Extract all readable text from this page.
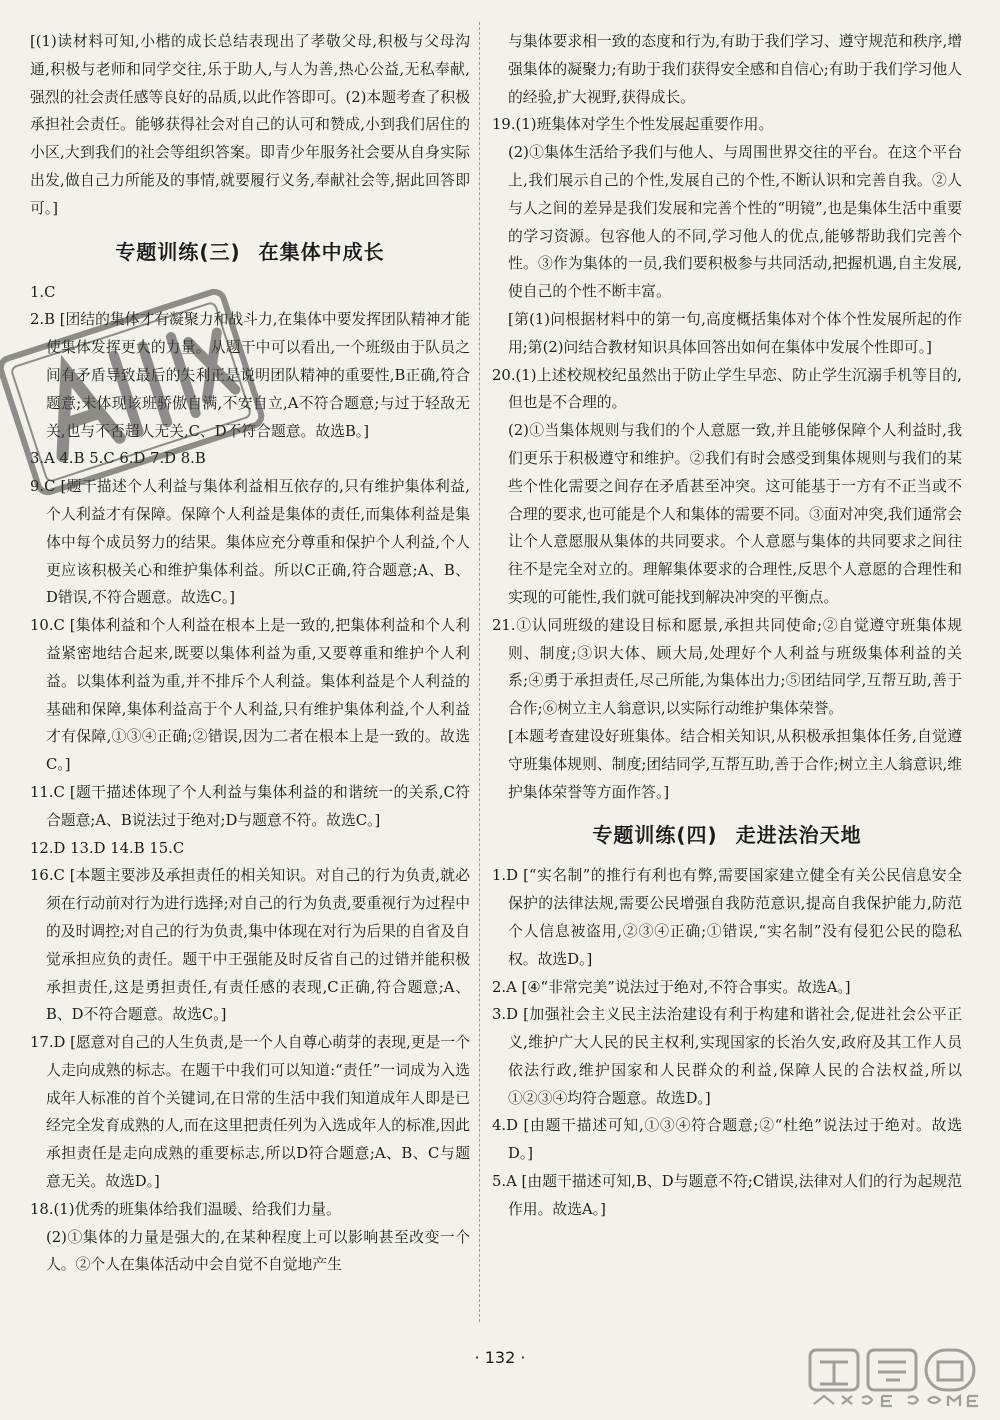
[(1)读材料可知,小楷的成长总结表现出了孝敬父母,积极与父母沟通,积极与老师和同学交往,乐于助人,与人为善,热心公益,无私奉献,强烈的社会责任感等良好的品质,以此作答即可。(2)本题考查了积极承担社会责任。能够获得社会对自己的认可和赞成,小到我们居住的小区,大到我们的社会等组织答案。即青少年服务社会要从自身实际出发,做自己力所能及的事情,就要履行义务,奉献社会等,据此回答即可。]

专题训练(三) 在集体中成长

1.C

2.B [团结的集体才有凝聚力和战斗力,在集体中要发挥团队精神才能使集体发挥更大的力量。从题干中可以看出,一个班级由于队员之间有矛盾导致最后的失利正是说明团队精神的重要性,B正确,符合题意;未体现该班骄傲自满,不安自立,A不符合题意;与过于轻敌无关,也与不否超人无关,C、D不符合题意。故选B。]

3.A 4.B 5.C 6.D 7.D 8.B

9.C [题干描述个人利益与集体利益相互依存的,只有维护集体利益,个人利益才有保障。保障个人利益是集体的责任,而集体利益是集体中每个成员努力的结果。集体应充分尊重和保护个人利益,个人更应该积极关心和维护集体利益。所以C正确,符合题意;A、B、D错误,不符合题意。故选C。]

10.C [集体利益和个人利益在根本上是一致的,把集体利益和个人利益紧密地结合起来,既要以集体利益为重,又要尊重和维护个人利益。以集体利益为重,并不排斥个人利益。集体利益是个人利益的基础和保障,集体利益高于个人利益,只有维护集体利益,个人利益才有保障,①③④正确;②错误,因为二者在根本上是一致的。故选C。]

11.C [题干描述体现了个人利益与集体利益的和谐统一的关系,C符合题意;A、B说法过于绝对;D与题意不符。故选C。]

12.D 13.D 14.B 15.C

16.C [本题主要涉及承担责任的相关知识。对自己的行为负责,就必须在行动前对行为进行选择;对自己的行为负责,要重视行为过程中的及时调控;对自己的行为负责,集中体现在对行为后果的自省及自觉承担应负的责任。题干中王强能及时反省自己的过错并能积极承担责任,这是勇担责任,有责任感的表现,C正确,符合题意;A、B、D不符合题意。故选C。]

17.D [愿意对自己的人生负责,是一个人自尊心萌芽的表现,更是一个人走向成熟的标志。在题干中我们可以知道:“责任”一词成为入选成年人标准的首个关键词,在日常的生活中我们知道成年人即是已经完全发育成熟的人,而在这里把责任列为入选成年人的标准,因此承担责任是走向成熟的重要标志,所以D符合题意;A、B、C与题意无关。故选D。]

18.(1)优秀的班集体给我们温暖、给我们力量。

(2)①集体的力量是强大的,在某种程度上可以影响甚至改变一个人。②个人在集体活动中会自觉不自觉地产生

与集体要求相一致的态度和行为,有助于我们学习、遵守规范和秩序,增强集体的凝聚力;有助于我们获得安全感和自信心;有助于我们学习他人的经验,扩大视野,获得成长。

19.(1)班集体对学生个性发展起重要作用。

(2)①集体生活给予我们与他人、与周围世界交往的平台。在这个平台上,我们展示自己的个性,发展自己的个性,不断认识和完善自我。②人与人之间的差异是我们发展和完善个性的“明镜”,也是集体生活中重要的学习资源。包容他人的不同,学习他人的优点,能够帮助我们完善个性。③作为集体的一员,我们要积极参与共同活动,把握机遇,自主发展,使自己的个性不断丰富。

[第(1)问根据材料中的第一句,高度概括集体对个体个性发展所起的作用;第(2)问结合教材知识具体回答出如何在集体中发展个性即可。]

20.(1)上述校规校纪虽然出于防止学生早恋、防止学生沉溺手机等目的,但也是不合理的。

(2)①当集体规则与我们的个人意愿一致,并且能够保障个人利益时,我们更乐于积极遵守和维护。②我们有时会感受到集体规则与我们的某些个性化需要之间存在矛盾甚至冲突。这可能基于一方有不正当或不合理的要求,也可能是个人和集体的需要不同。③面对冲突,我们通常会让个人意愿服从集体的共同要求。个人意愿与集体的共同要求之间往往不是完全对立的。理解集体要求的合理性,反思个人意愿的合理性和实现的可能性,我们就可能找到解决冲突的平衡点。

21.①认同班级的建设目标和愿景,承担共同使命;②自觉遵守班集体规则、制度;③识大体、顾大局,处理好个人利益与班级集体利益的关系;④勇于承担责任,尽己所能,为集体出力;⑤团结同学,互帮互助,善于合作;⑥树立主人翁意识,以实际行动维护集体荣誉。

[本题考查建设好班集体。结合相关知识,从积极承担集体任务,自觉遵守班集体规则、制度;团结同学,互帮互助,善于合作;树立主人翁意识,维护集体荣誉等方面作答。]

专题训练(四) 走进法治天地

1.D [“实名制”的推行有利也有弊,需要国家建立健全有关公民信息安全保护的法律法规,需要公民增强自我防范意识,提高自我保护能力,防范个人信息被盗用,②③④正确;①错误,“实名制”没有侵犯公民的隐私权。故选D。]

2.A [④“非常完美”说法过于绝对,不符合事实。故选A。]

3.D [加强社会主义民主法治建设有利于构建和谐社会,促进社会公平正义,维护广大人民的民主权利,实现国家的长治久安,政府及其工作人员依法行政,维护国家和人民群众的利益,保障人民的合法权益,所以①②③④均符合题意。故选D。]

4.D [由题干描述可知,①③④符合题意;②“杜绝”说法过于绝对。故选D。]

5.A [由题干描述可知,B、D与题意不符;C错误,法律对人们的行为起规范作用。故选A。]

· 132 ·
